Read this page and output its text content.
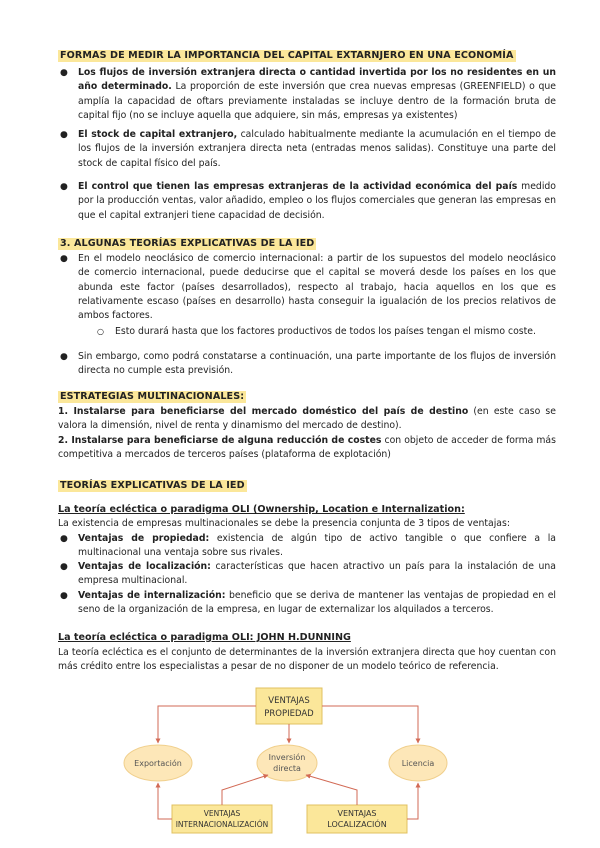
FORMAS DE MEDIR LA IMPORTANCIA DEL CAPITAL EXTARNJERO EN UNA ECONOMÍA
● Los flujos de inversión extranjera directa o cantidad invertida por los no residentes en un año determinado. La proporción de este inversión que crea nuevas empresas (GREENFIELD) o que amplía la capacidad de oftars previamente instaladas se incluye dentro de la formación bruta de capital fijo (no se incluye aquella que adquiere, sin más, empresas ya existentes)
● El stock de capital extranjero, calculado habitualmente mediante la acumulación en el tiempo de los flujos de la inversión extranjera directa neta (entradas menos salidas). Constituye una parte del stock de capital físico del país.
● El control que tienen las empresas extranjeras de la actividad económica del país medido por la producción ventas, valor añadido, empleo o los flujos comerciales que generan las empresas en que el capital extranjeri tiene capacidad de decisión.
3. ALGUNAS TEORÍAS EXPLICATIVAS DE LA IED
● En el modelo neoclásico de comercio internacional: a partir de los supuestos del modelo neoclásico de comercio internacional, puede deducirse que el capital se moverá desde los países en los que abunda este factor (países desarrollados), respecto al trabajo, hacia aquellos en los que es relativamente escaso (países en desarrollo) hasta conseguir la igualación de los precios relativos de ambos factores.
○ Esto durará hasta que los factores productivos de todos los países tengan el mismo coste.
● Sin embargo, como podrá constatarse a continuación, una parte importante de los flujos de inversión directa no cumple esta previsión.
ESTRATEGIAS MULTINACIONALES:
1. Instalarse para beneficiarse del mercado doméstico del país de destino (en este caso se valora la dimensión, nivel de renta y dinamismo del mercado de destino).
2. Instalarse para beneficiarse de alguna reducción de costes con objeto de acceder de forma más competitiva a mercados de terceros países (plataforma de explotación)
TEORÍAS EXPLICATIVAS DE LA IED
La teoría ecléctica o paradigma OLI (Ownership, Location e Internalization:
La existencia de empresas multinacionales se debe la presencia conjunta de 3 tipos de ventajas:
● Ventajas de propiedad: existencia de algún tipo de activo tangible o que confiere a la multinacional una ventaja sobre sus rivales.
● Ventajas de localización: características que hacen atractivo un país para la instalación de una empresa multinacional.
● Ventajas de internalización: beneficio que se deriva de mantener las ventajas de propiedad en el seno de la organización de la empresa, en lugar de externalizar los alquilados a terceros.
La teoría ecléctica o paradigma OLI: JOHN H.DUNNING
La teoría ecléctica es el conjunto de determinantes de la inversión extranjera directa que hoy cuentan con más crédito entre los especialistas a pesar de no disponer de un modelo teórico de referencia.
VENTAJAS
PROPIEDAD
Exportación
Inversión
directa
Licencia
VENTAJAS
INTERNACIONALIZACIÓN
VENTAJAS
LOCALIZACIÓN
